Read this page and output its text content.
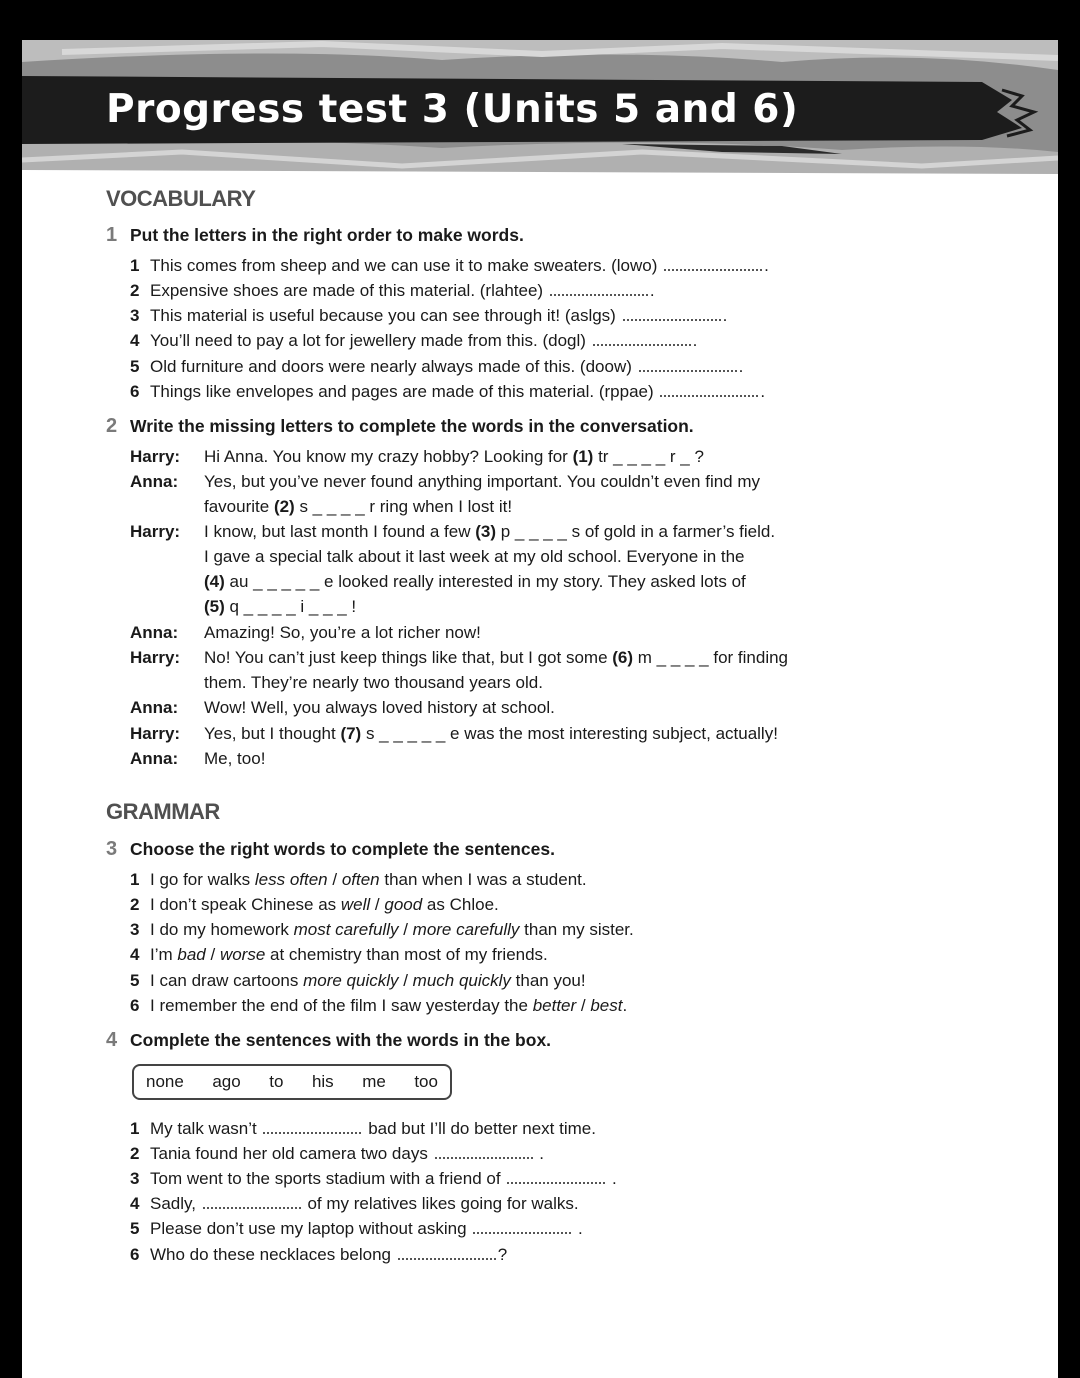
Progress test 3 (Units 5 and 6)
VOCABULARY
1 Put the letters in the right order to make words.
1 This comes from sheep and we can use it to make sweaters. (lowo)	.
2 Expensive shoes are made of this material. (rlahtee)	.
3 This material is useful because you can see through it! (aslgs)	.
4 You’ll need to pay a lot for jewellery made from this. (dogl)	.
5 Old furniture and doors were nearly always made of this. (doow)	.
6 Things like envelopes and pages are made of this material. (rppae)	.
2 Write the missing letters to complete the words in the conversation.
Harry: Hi Anna. You know my crazy hobby? Looking for (1) tr _ _ _ _ r _ ?
Anna: Yes, but you’ve never found anything important. You couldn’t even find my
favourite (2) s _ _ _ _ r ring when I lost it!
Harry: I know, but last month I found a few (3) p _ _ _ _ s of gold in a farmer’s field.
I gave a special talk about it last week at my old school. Everyone in the
(4) au _ _ _ _ _ e looked really interested in my story. They asked lots of
(5) q _ _ _ _ i _ _ _ !
Anna: Amazing! So, you’re a lot richer now!
Harry: No! You can’t just keep things like that, but I got some (6) m _ _ _ _ for finding
them. They’re nearly two thousand years old.
Anna: Wow! Well, you always loved history at school.
Harry: Yes, but I thought (7) s _ _ _ _ _ e was the most interesting subject, actually!
Anna: Me, too!
GRAMMAR
3 Choose the right words to complete the sentences.
1 I go for walks less often / often than when I was a student.
2 I don’t speak Chinese as well / good as Chloe.
3 I do my homework most carefully / more carefully than my sister.
4 I’m bad / worse at chemistry than most of my friends.
5 I can draw cartoons more quickly / much quickly than you!
6 I remember the end of the film I saw yesterday the better / best.
4 Complete the sentences with the words in the box.
none ago to his me too
1 My talk wasn’t	bad but I’ll do better next time.
2 Tania found her old camera two days	.
3 Tom went to the sports stadium with a friend of	.
4 Sadly,	of my relatives likes going for walks.
5 Please don’t use my laptop without asking	.
6 Who do these necklaces belong	?
